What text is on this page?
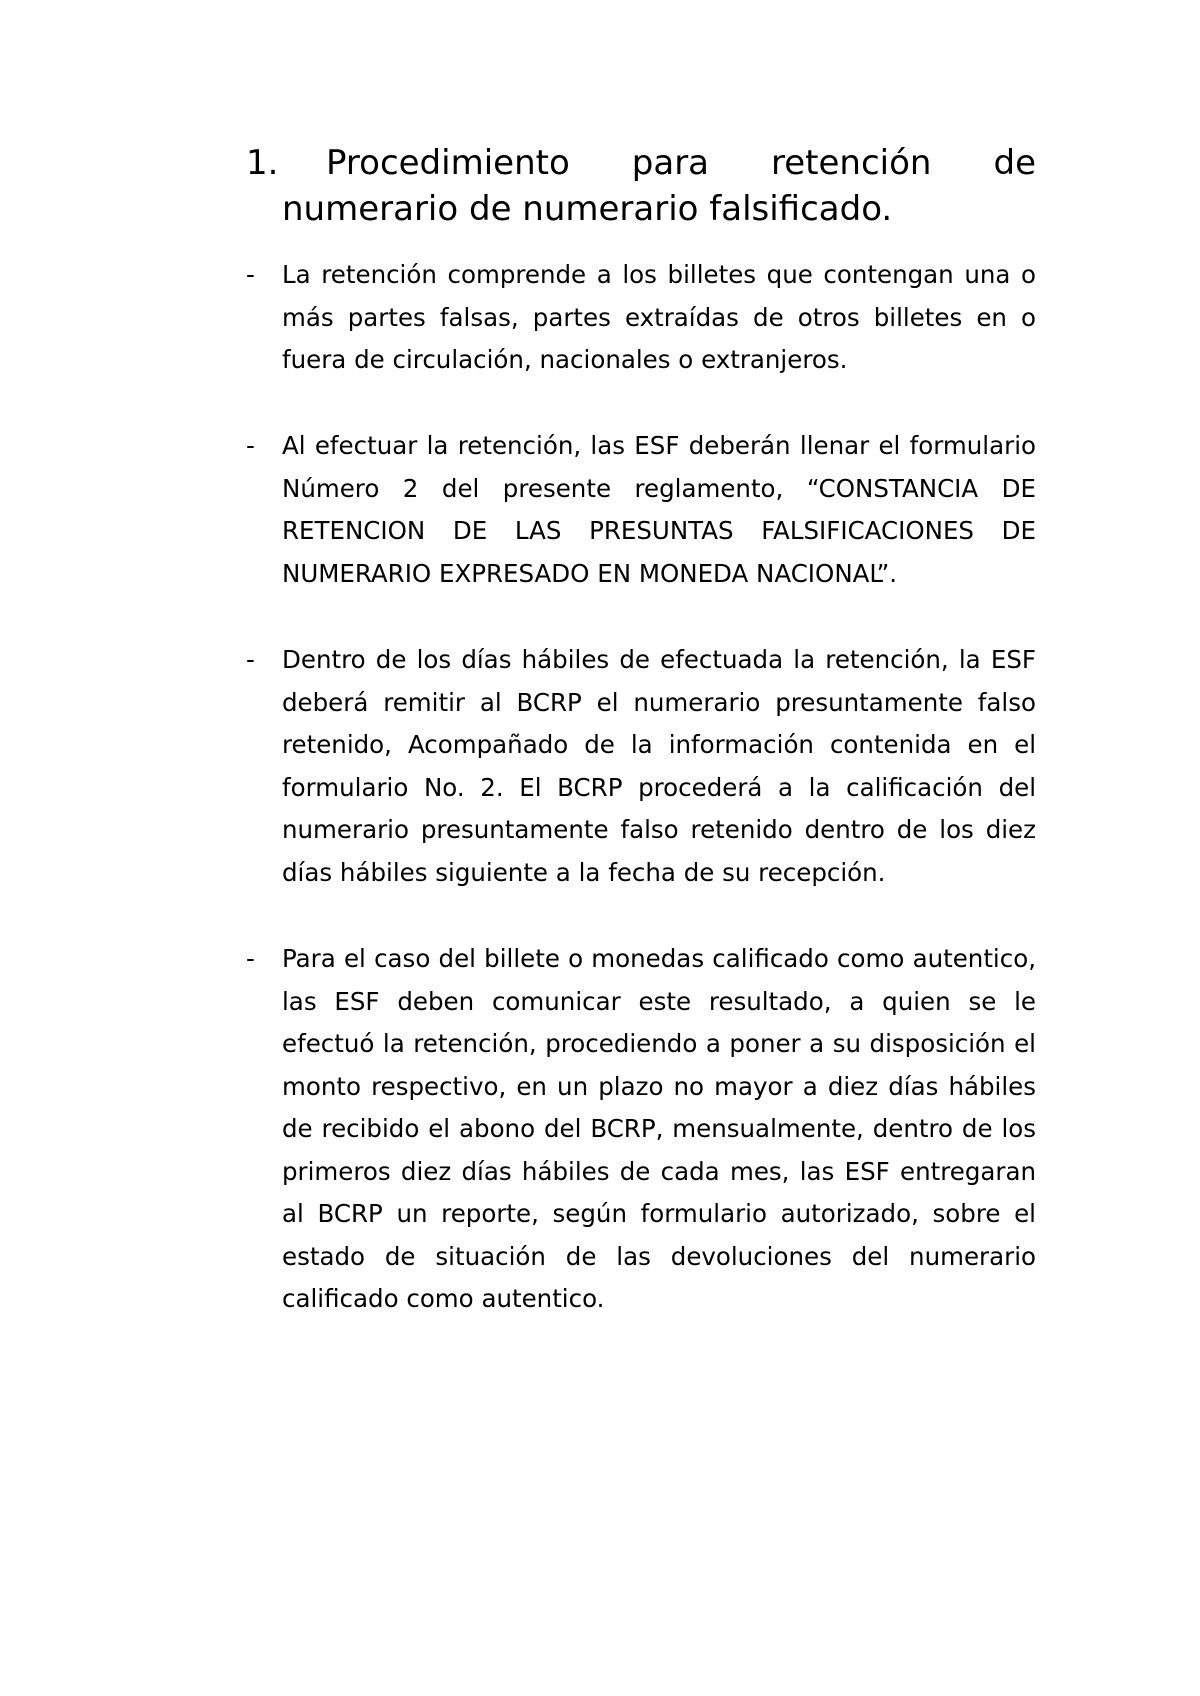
1. Procedimiento para retención de
numerario de numerario falsificado.
-	La retención comprende a los billetes que contengan una o más partes falsas, partes extraídas de otros billetes en o fuera de circulación, nacionales o extranjeros.
-	Al efectuar la retención, las ESF deberán llenar el formulario Número 2 del presente reglamento, “CONSTANCIA DE RETENCION DE LAS PRESUNTAS FALSIFICACIONES DE NUMERARIO EXPRESADO EN MONEDA NACIONAL”.
-	Dentro de los días hábiles de efectuada la retención, la ESF deberá remitir al BCRP el numerario presuntamente falso retenido, Acompañado de la información contenida en el formulario No. 2. El BCRP procederá a la calificación del numerario presuntamente falso retenido dentro de los diez días hábiles siguiente a la fecha de su recepción.
-	Para el caso del billete o monedas calificado como autentico, las ESF deben comunicar este resultado, a quien se le efectuó la retención, procediendo a poner a su disposición el monto respectivo, en un plazo no mayor a diez días hábiles de recibido el abono del BCRP, mensualmente, dentro de los primeros diez días hábiles de cada mes, las ESF entregaran al BCRP un reporte, según formulario autorizado, sobre el estado de situación de las devoluciones del numerario calificado como autentico.
